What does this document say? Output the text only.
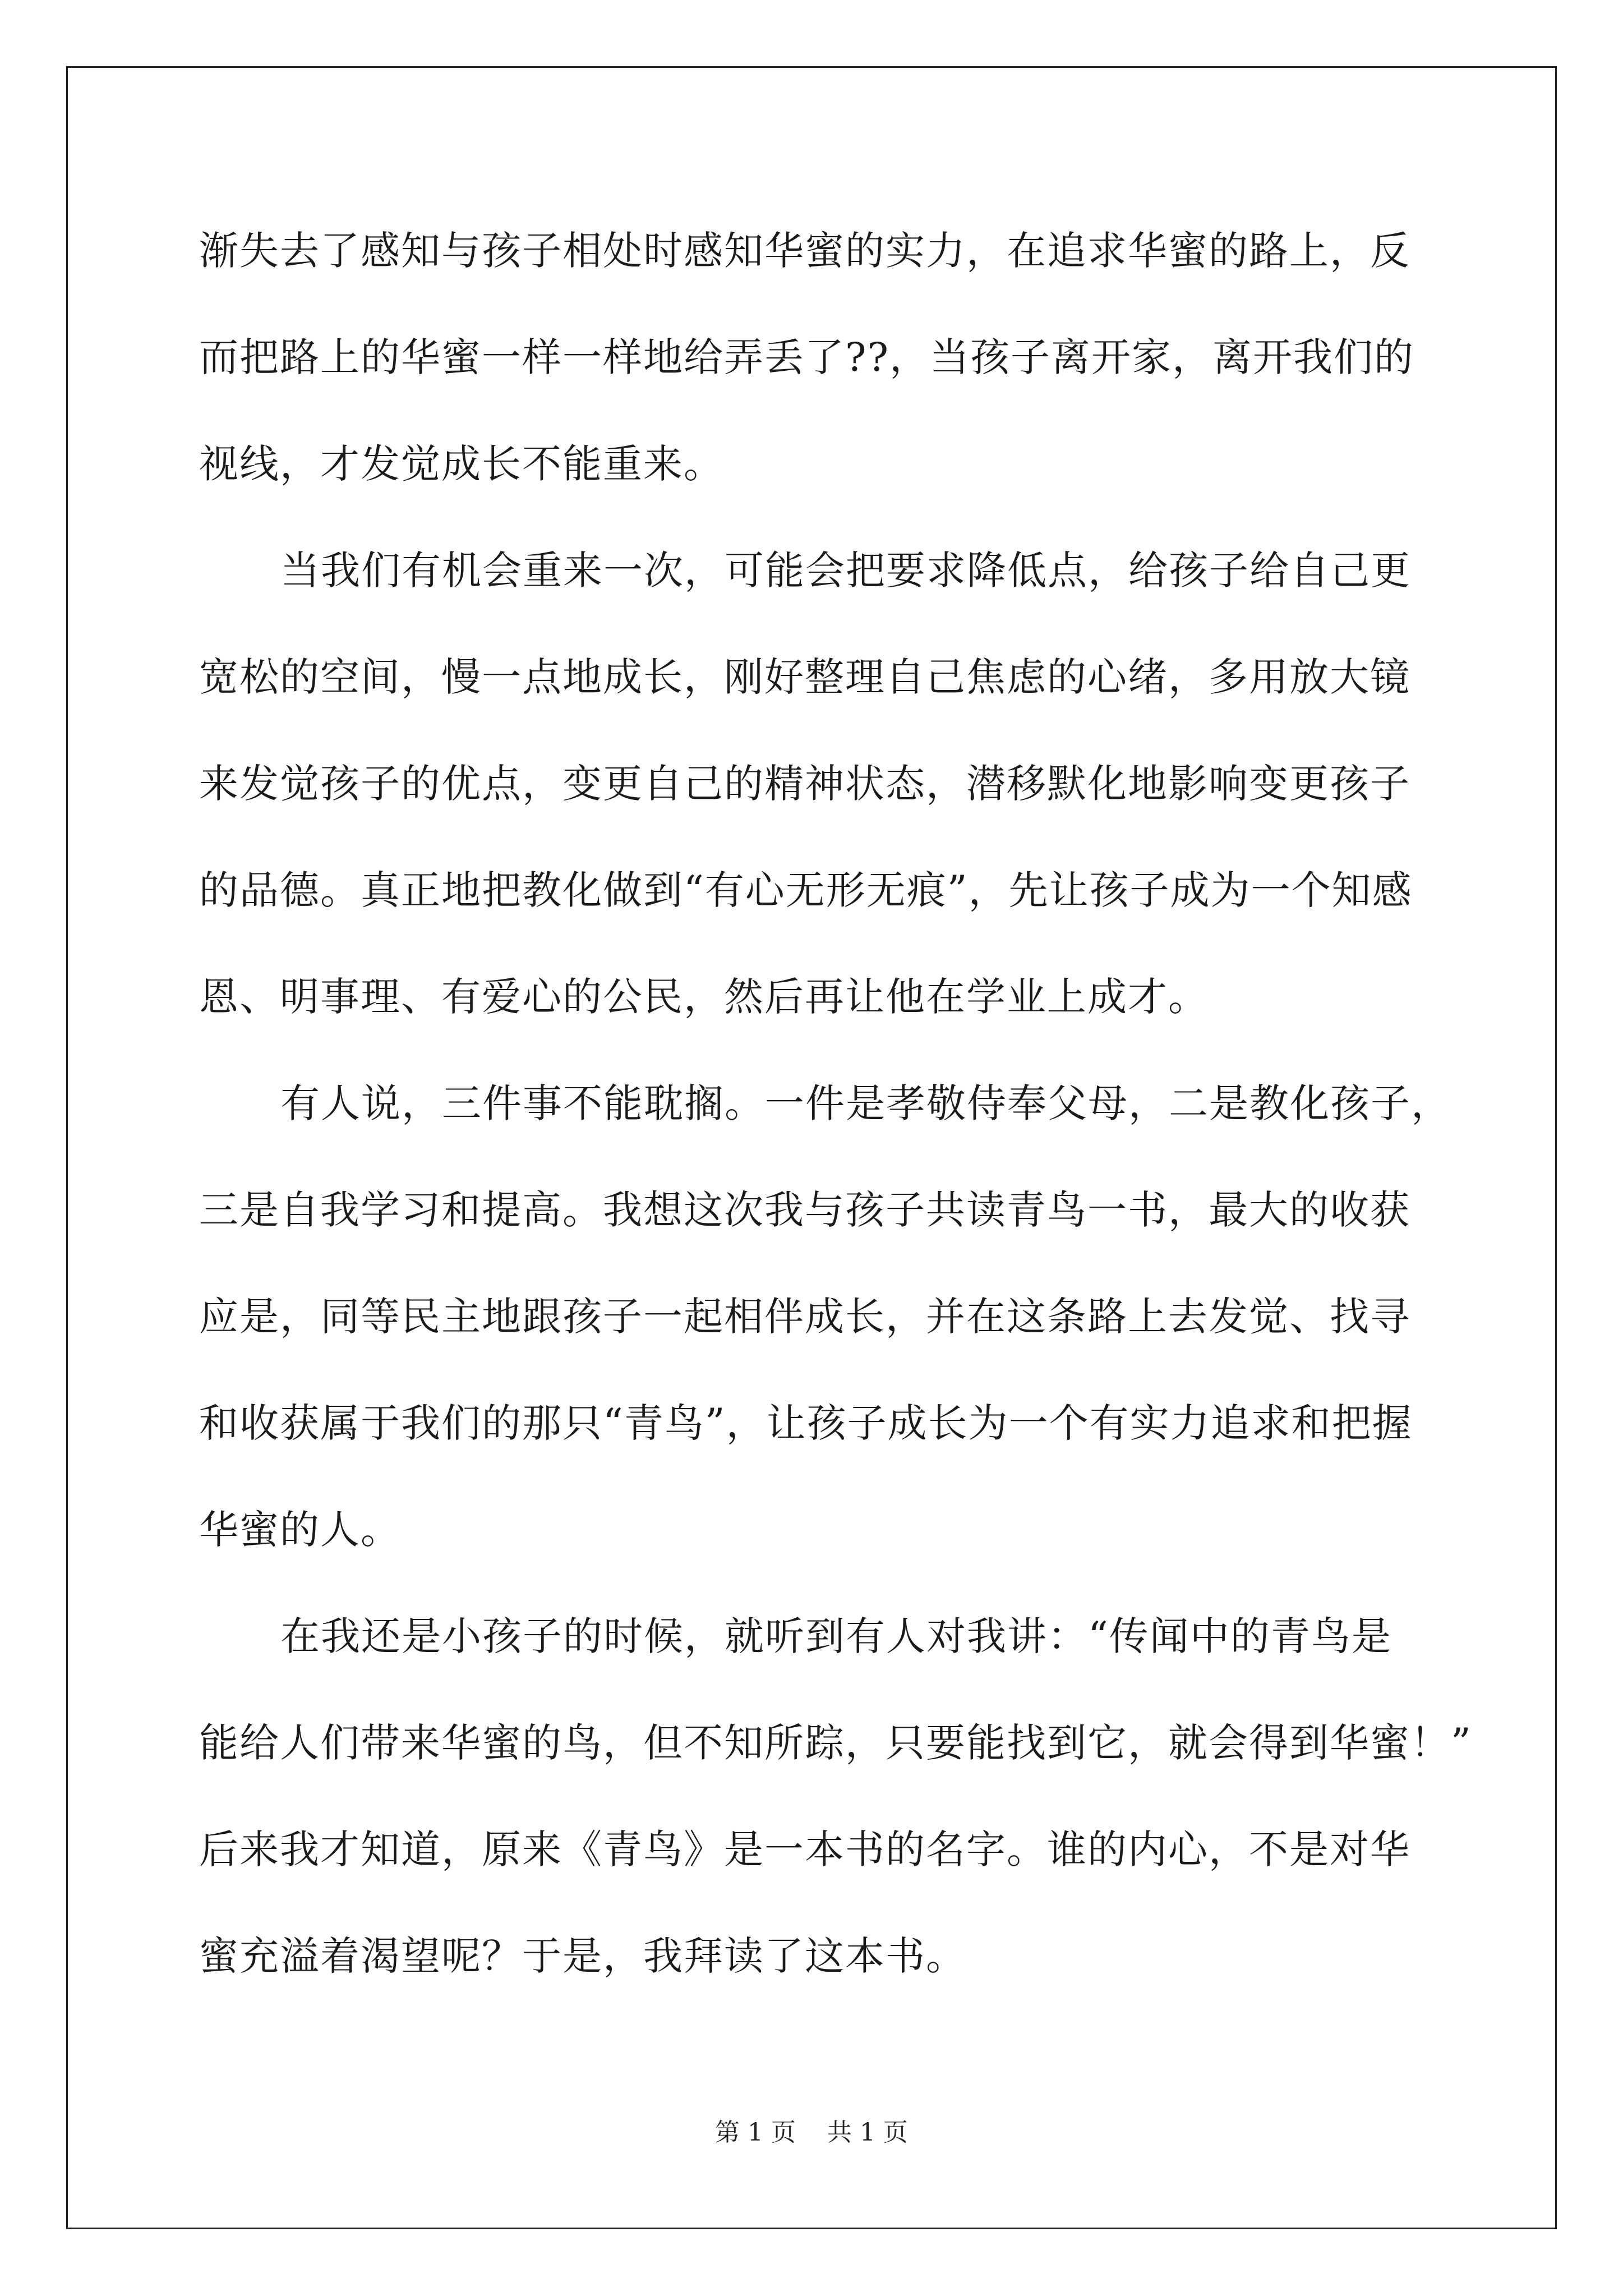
渐失去了感知与孩子相处时感知华蜜的实力，在追求华蜜的路上，反
而把路上的华蜜一样一样地给弄丢了??，当孩子离开家，离开我们的
视线，才发觉成长不能重来。
当我们有机会重来一次，可能会把要求降低点，给孩子给自己更
宽松的空间，慢一点地成长，刚好整理自己焦虑的心绪，多用放大镜
来发觉孩子的优点，变更自己的精神状态，潜移默化地影响变更孩子
的品德。真正地把教化做到“有心无形无痕”，先让孩子成为一个知感
恩、明事理、有爱心的公民，然后再让他在学业上成才。
有人说，三件事不能耽搁。一件是孝敬侍奉父母，二是教化孩子，
三是自我学习和提高。我想这次我与孩子共读青鸟一书，最大的收获
应是，同等民主地跟孩子一起相伴成长，并在这条路上去发觉、找寻
和收获属于我们的那只“青鸟”，让孩子成长为一个有实力追求和把握
华蜜的人。
在我还是小孩子的时候，就听到有人对我讲：“传闻中的青鸟是
能给人们带来华蜜的鸟，但不知所踪，只要能找到它，就会得到华蜜！”
后来我才知道，原来《青鸟》是一本书的名字。谁的内心，不是对华
蜜充溢着渴望呢？于是，我拜读了这本书。
第 1 页 共 1 页
